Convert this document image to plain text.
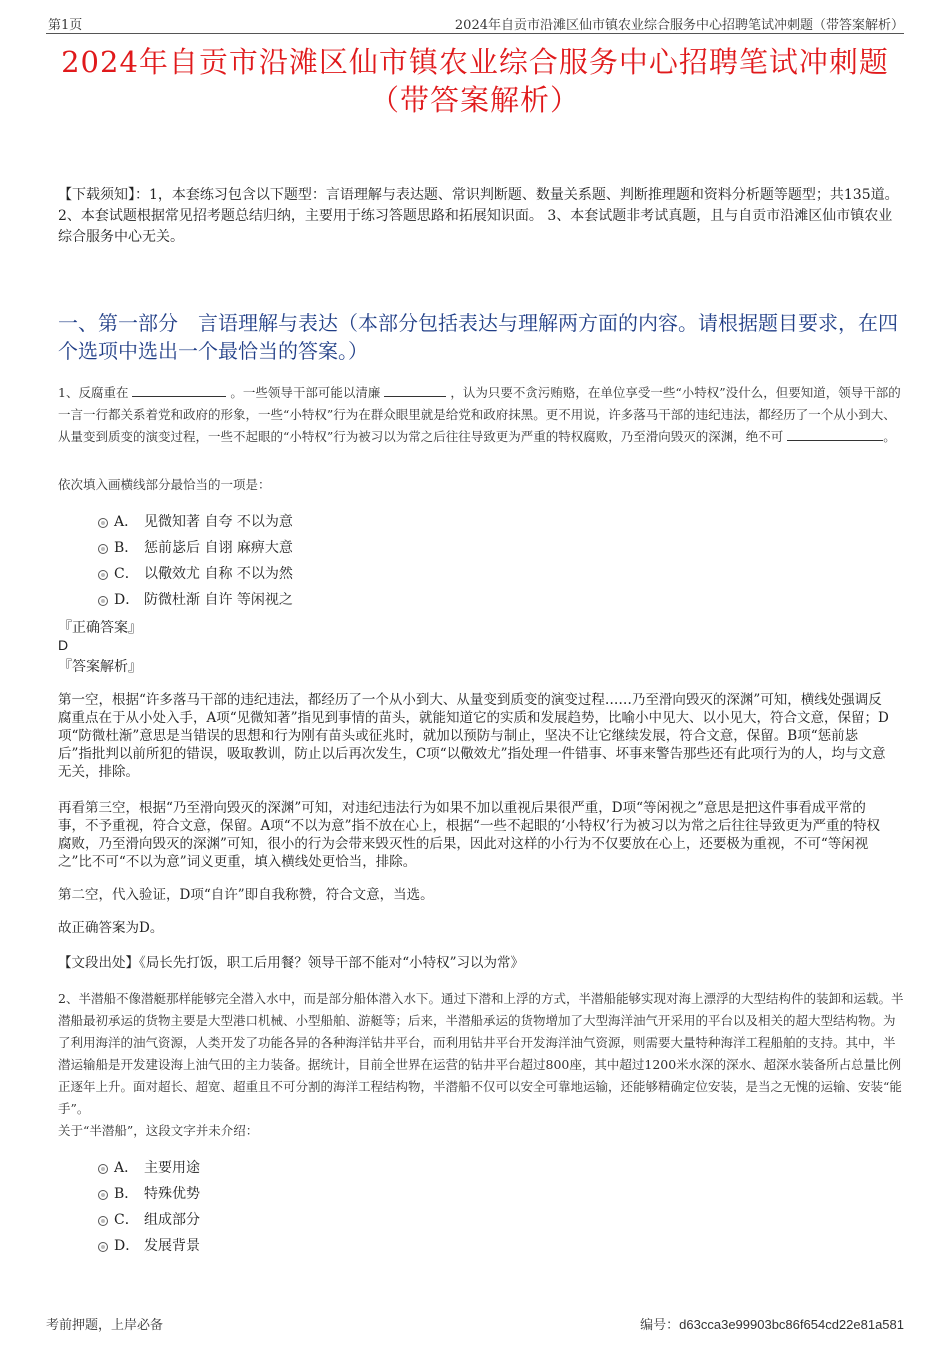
第1页	2024年自贡市沿滩区仙市镇农业综合服务中心招聘笔试冲刺题（带答案解析）
2024年自贡市沿滩区仙市镇农业综合服务中心招聘笔试冲刺题
（带答案解析）
【下载须知】：1，本套练习包含以下题型：言语理解与表达题、常识判断题、数量关系题、判断推理题和资料分析题等题型；共135道。 2、本套试题根据常见招考题总结归纳，主要用于练习答题思路和拓展知识面。 3、本套试题非考试真题，且与自贡市沿滩区仙市镇农业综合服务中心无关。
一、第一部分　言语理解与表达（本部分包括表达与理解两方面的内容。请根据题目要求，在四个选项中选出一个最恰当的答案。）
1、反腐重在	。一些领导干部可能以清廉	，认为只要不贪污贿赂，在单位享受一些“小特权”没什么，但要知道，领导干部的一言一行都关系着党和政府的形象，一些“小特权”行为在群众眼里就是给党和政府抹黑。更不用说，许多落马干部的违纪违法，都经历了一个从小到大、从量变到质变的演变过程，一些不起眼的“小特权”行为被习以为常之后往往导致更为严重的特权腐败，乃至滑向毁灭的深渊，绝不可	。
依次填入画横线部分最恰当的一项是：
A． 见微知著 自夸 不以为意
B． 惩前毖后 自诩 麻痹大意
C． 以儆效尤 自称 不以为然
D． 防微杜渐 自许 等闲视之
『正确答案』
D
『答案解析』
第一空，根据“许多落马干部的违纪违法，都经历了一个从小到大、从量变到质变的演变过程……乃至滑向毁灭的深渊”可知，横线处强调反腐重点在于从小处入手，A项“见微知著”指见到事情的苗头，就能知道它的实质和发展趋势，比喻小中见大、以小见大，符合文意，保留；D项“防微杜渐”意思是当错误的思想和行为刚有苗头或征兆时，就加以预防与制止，坚决不让它继续发展，符合文意，保留。B项“惩前毖后”指批判以前所犯的错误，吸取教训，防止以后再次发生，C项“以儆效尤”指处理一件错事、坏事来警告那些还有此项行为的人，均与文意无关，排除。
再看第三空，根据“乃至滑向毁灭的深渊”可知，对违纪违法行为如果不加以重视后果很严重，D项“等闲视之”意思是把这件事看成平常的事，不予重视，符合文意，保留。A项“不以为意”指不放在心上，根据“一些不起眼的‘小特权’行为被习以为常之后往往导致更为严重的特权腐败，乃至滑向毁灭的深渊”可知，很小的行为会带来毁灭性的后果，因此对这样的小行为不仅要放在心上，还要极为重视，不可“等闲视之”比不可“不以为意”词义更重，填入横线处更恰当，排除。
第二空，代入验证，D项“自许”即自我称赞，符合文意，当选。
故正确答案为D。
【文段出处】《局长先打饭，职工后用餐？领导干部不能对“小特权”习以为常》
2、半潜船不像潜艇那样能够完全潜入水中，而是部分船体潜入水下。通过下潜和上浮的方式，半潜船能够实现对海上漂浮的大型结构件的装卸和运载。半潜船最初承运的货物主要是大型港口机械、小型船舶、游艇等；后来，半潜船承运的货物增加了大型海洋油气开采用的平台以及相关的超大型结构物。为了利用海洋的油气资源，人类开发了功能各异的各种海洋钻井平台，而利用钻井平台开发海洋油气资源，则需要大量特种海洋工程船舶的支持。其中，半潜运输船是开发建设海上油气田的主力装备。据统计，目前全世界在运营的钻井平台超过800座，其中超过1200米水深的深水、超深水装备所占总量比例正逐年上升。面对超长、超宽、超重且不可分割的海洋工程结构物，半潜船不仅可以安全可靠地运输，还能够精确定位安装，是当之无愧的运输、安装“能手”。
关于“半潜船”，这段文字并未介绍：
A． 主要用途
B． 特殊优势
C． 组成部分
D． 发展背景
考前押题，上岸必备	编号：d63cca3e99903bc86f654cd22e81a581
